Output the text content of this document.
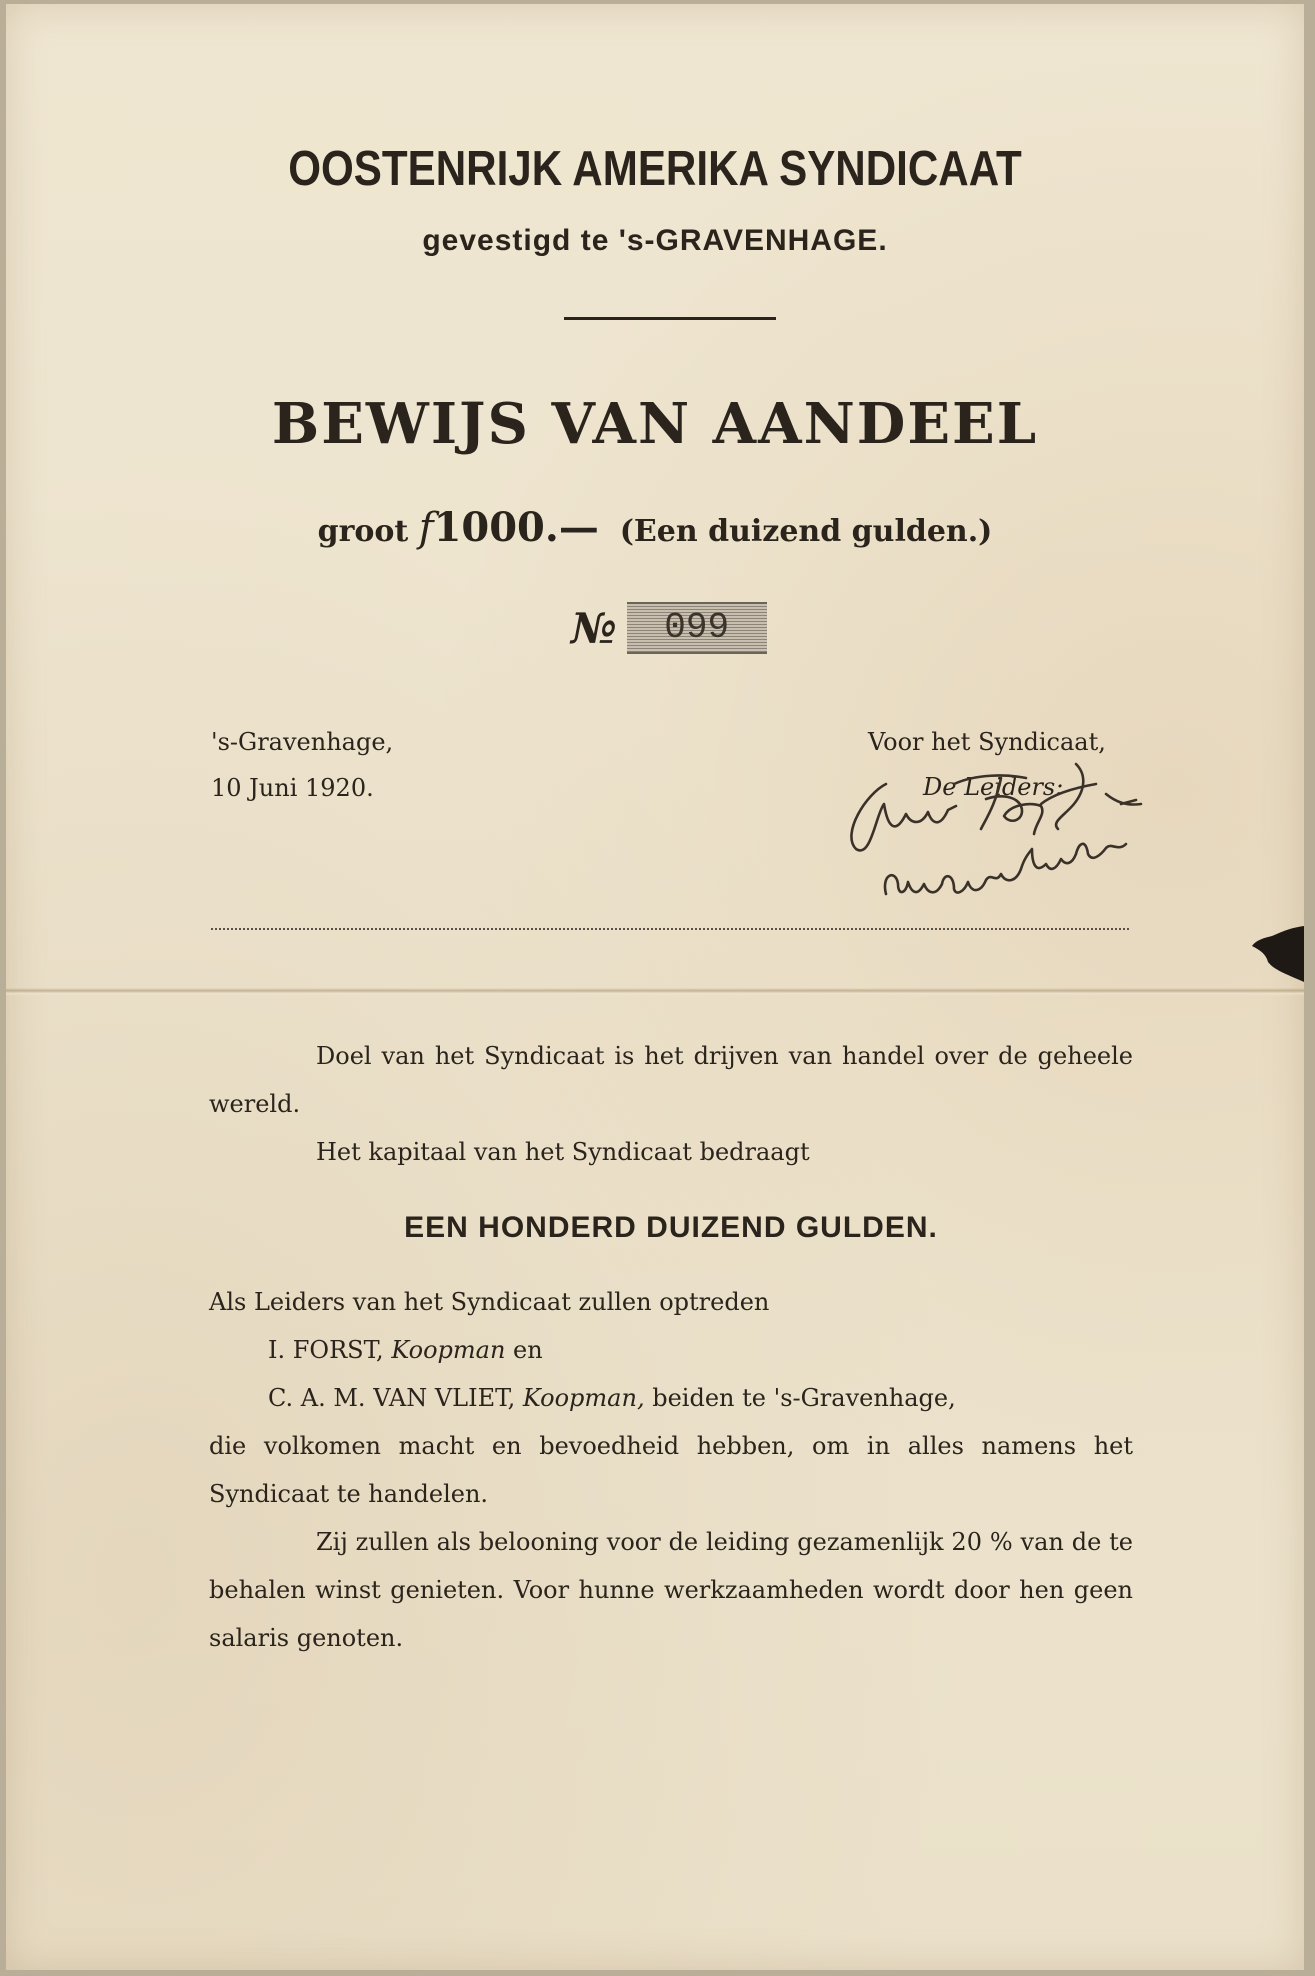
OOSTENRIJK AMERIKA SYNDICAAT
gevestigd te 's-GRAVENHAGE.
BEWIJS VAN AANDEEL
groot f1000.— (Een duizend gulden.)
№	099
's-Gravenhage,
10 Juni 1920.
Voor het Syndicaat,
De Leiders:

Doel van het Syndicaat is het drijven van handel over de geheele wereld.

Het kapitaal van het Syndicaat bedraagt

EEN HONDERD DUIZEND GULDEN.

Als Leiders van het Syndicaat zullen optreden

I. FORST, Koopman en

C. A. M. VAN VLIET, Koopman, beiden te 's-Gravenhage,

die volkomen macht en bevoedheid hebben, om in alles namens het Syndicaat te handelen.

Zij zullen als belooning voor de leiding gezamenlijk 20 % van de te behalen winst genieten. Voor hunne werkzaamheden wordt door hen geen salaris genoten.
